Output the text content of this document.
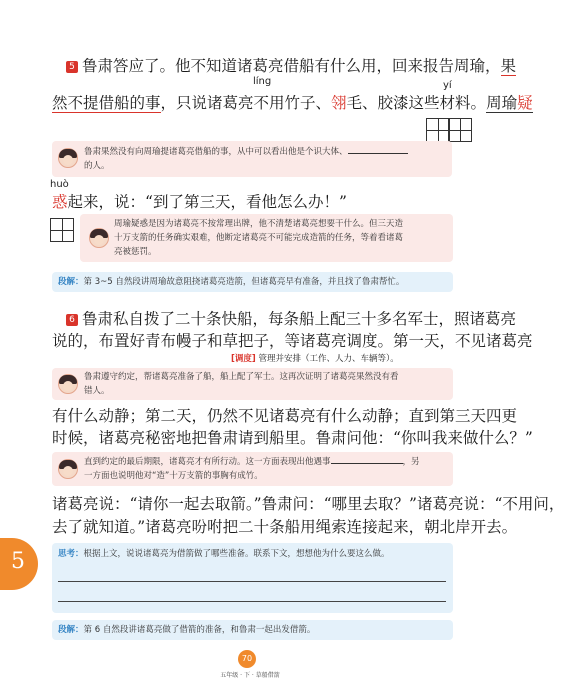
líng	yí
5 鲁肃答应了。他不知道诸葛亮借船有什么用，回来报告周瑜，果
然不提借船的事，只说诸葛亮不用竹子、翎毛、胶漆这些材料。周瑜疑
鲁肃果然没有向周瑜提诸葛亮借船的事，从中可以看出他是个识大体、
的人。
huò
惑起来，说：“到了第三天，看他怎么办！”
周瑜疑惑是因为诸葛亮不按常理出牌，他不清楚诸葛亮想要干什么。但三天造
十万支箭的任务确实艰难，他断定诸葛亮不可能完成造箭的任务，等着看诸葛
亮被惩罚。
段解：第 3~5 自然段讲周瑜故意阻挠诸葛亮造箭，但诸葛亮早有准备，并且找了鲁肃帮忙。
6 鲁肃私自拨了二十条快船，每条船上配三十多名军士，照诸葛亮
说的，布置好青布幔子和草把子，等诸葛亮调度。第一天，不见诸葛亮
[调度] 管理并安排（工作、人力、车辆等）。
鲁肃遵守约定，帮诸葛亮准备了船，船上配了军士。这再次证明了诸葛亮果然没有看
错人。
有什么动静；第二天，仍然不见诸葛亮有什么动静；直到第三天四更
时候，诸葛亮秘密地把鲁肃请到船里。鲁肃问他：“你叫我来做什么？”
直到约定的最后期限，诸葛亮才有所行动。这一方面表现出他遇事	，另
一方面也说明他对“造”十万支箭的事胸有成竹。
诸葛亮说：“请你一起去取箭。”鲁肃问：“哪里去取？”诸葛亮说：“不用问，
去了就知道。”诸葛亮吩咐把二十条船用绳索连接起来，朝北岸开去。
5	思考：根据上文，说说诸葛亮为借箭做了哪些准备。联系下文，想想他为什么要这么做。
段解：第 6 自然段讲诸葛亮做了借箭的准备，和鲁肃一起出发借箭。
70
五年级 · 下 · 草船借箭
